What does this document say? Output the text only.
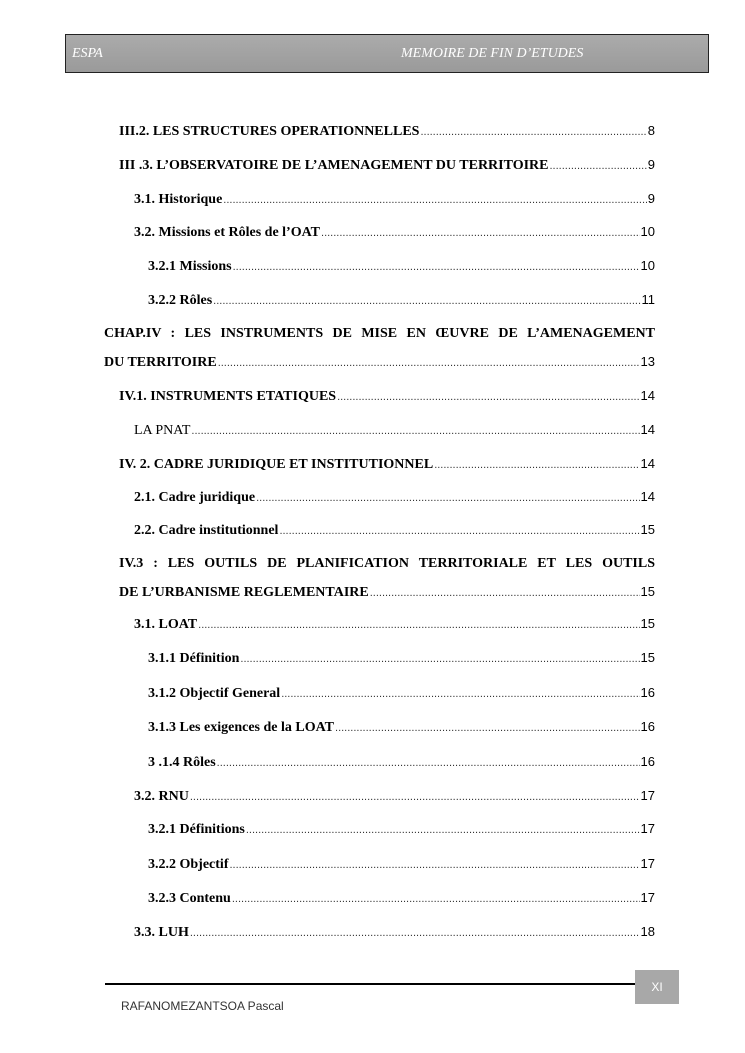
ESPA	MEMOIRE DE FIN D’ETUDES
III.2. LES STRUCTURES OPERATIONNELLES .....	8
III .3. L’OBSERVATOIRE DE L’AMENAGEMENT DU TERRITOIRE .....	9
3.1. Historique .....	9
3.2. Missions et Rôles de l’OAT .....	10
3.2.1 Missions .....	10
3.2.2 Rôles .....	11
CHAP.IV : LES INSTRUMENTS DE MISE EN ŒUVRE DE L’AMENAGEMENT
DU TERRITOIRE .....	13
IV.1. INSTRUMENTS ETATIQUES .....	14
LA PNAT .....	14
IV. 2. CADRE JURIDIQUE ET INSTITUTIONNEL .....	14
2.1. Cadre juridique .....	14
2.2. Cadre institutionnel .....	15
IV.3 : LES OUTILS DE PLANIFICATION TERRITORIALE ET LES OUTILS
DE L’URBANISME REGLEMENTAIRE .....	15
3.1. LOAT .....	15
3.1.1 Définition .....	15
3.1.2 Objectif General .....	16
3.1.3 Les exigences de la LOAT .....	16
3 .1.4 Rôles .....	16
3.2. RNU .....	17
3.2.1 Définitions .....	17
3.2.2 Objectif .....	17
3.2.3 Contenu .....	17
3.3. LUH .....	18
XI
RAFANOMEZANTSOA Pascal
